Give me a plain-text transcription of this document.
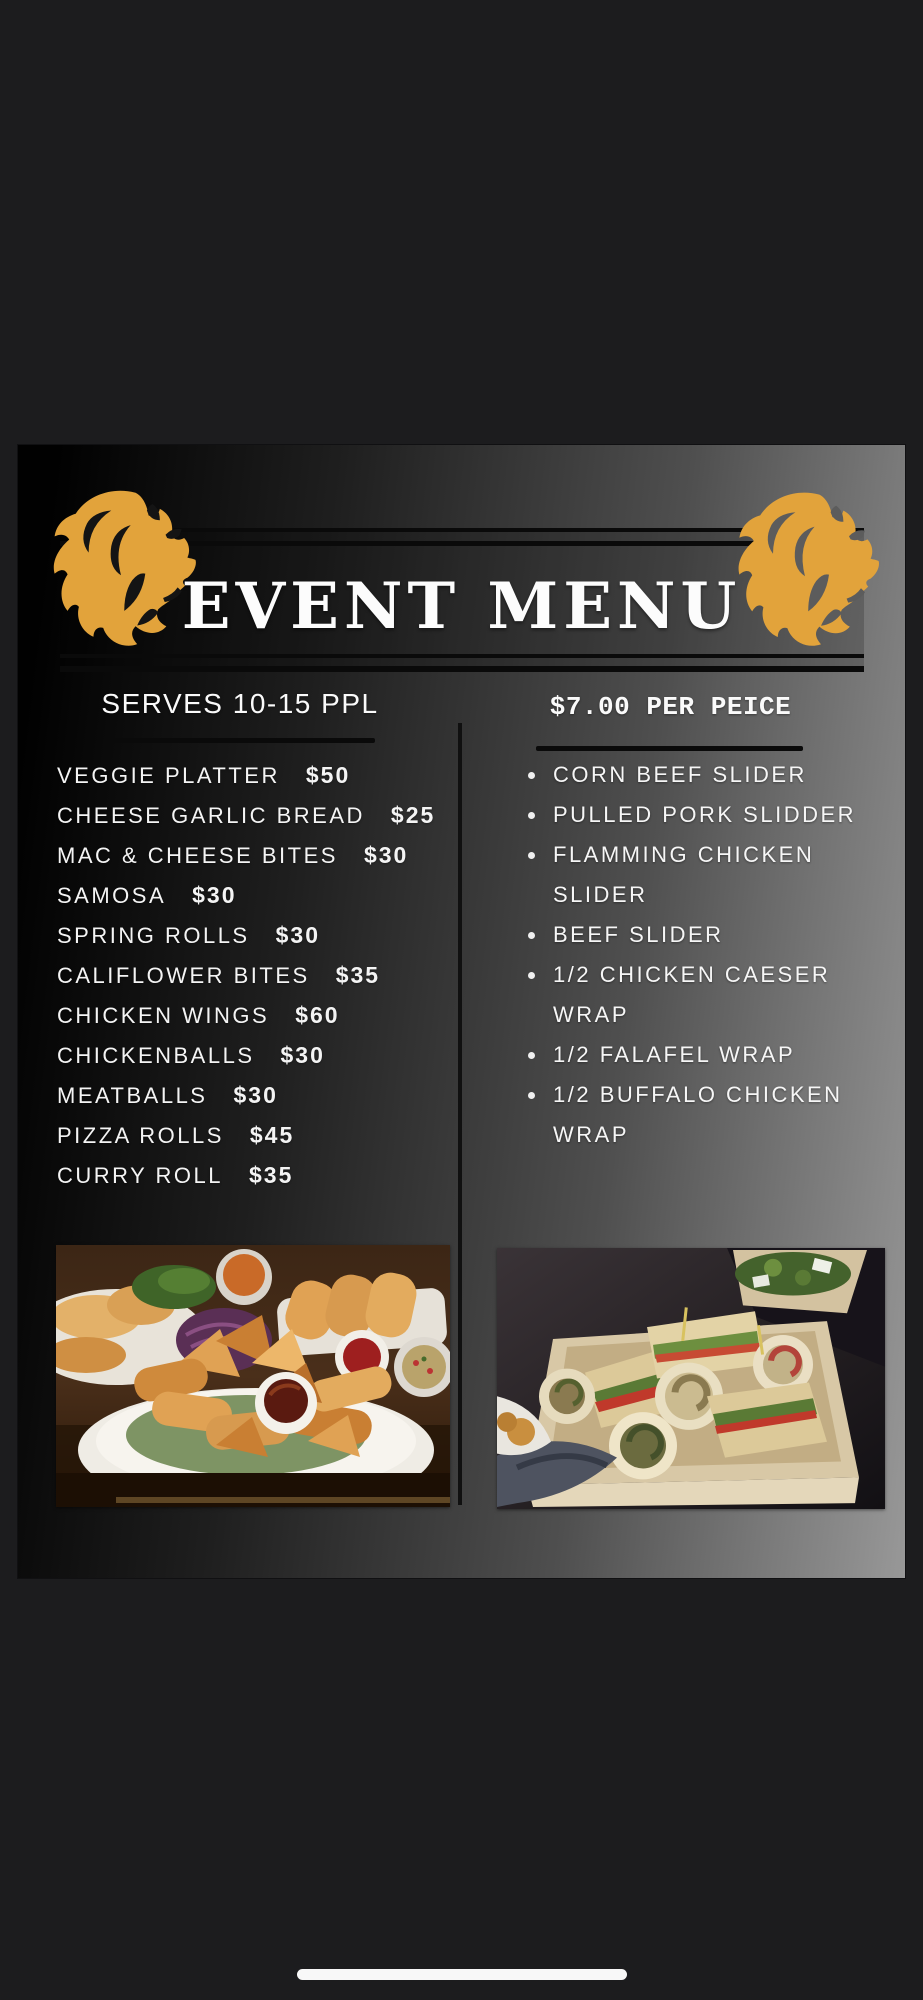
EVENT MENU
SERVES 10-15 PPL	$7.00 PER PEICE
VEGGIE PLATTER $50
CHEESE GARLIC BREAD $25
MAC & CHEESE BITES $30
SAMOSA $30
SPRING ROLLS $30
CALIFLOWER BITES $35
CHICKEN WINGS $60
CHICKENBALLS $30
MEATBALLS $30
PIZZA ROLLS $45
CURRY ROLL $35
CORN BEEF SLIDER
PULLED PORK SLIDDER
FLAMMING CHICKEN SLIDER
BEEF SLIDER
1/2 CHICKEN CAESER WRAP
1/2 FALAFEL WRAP
1/2 BUFFALO CHICKEN WRAP
